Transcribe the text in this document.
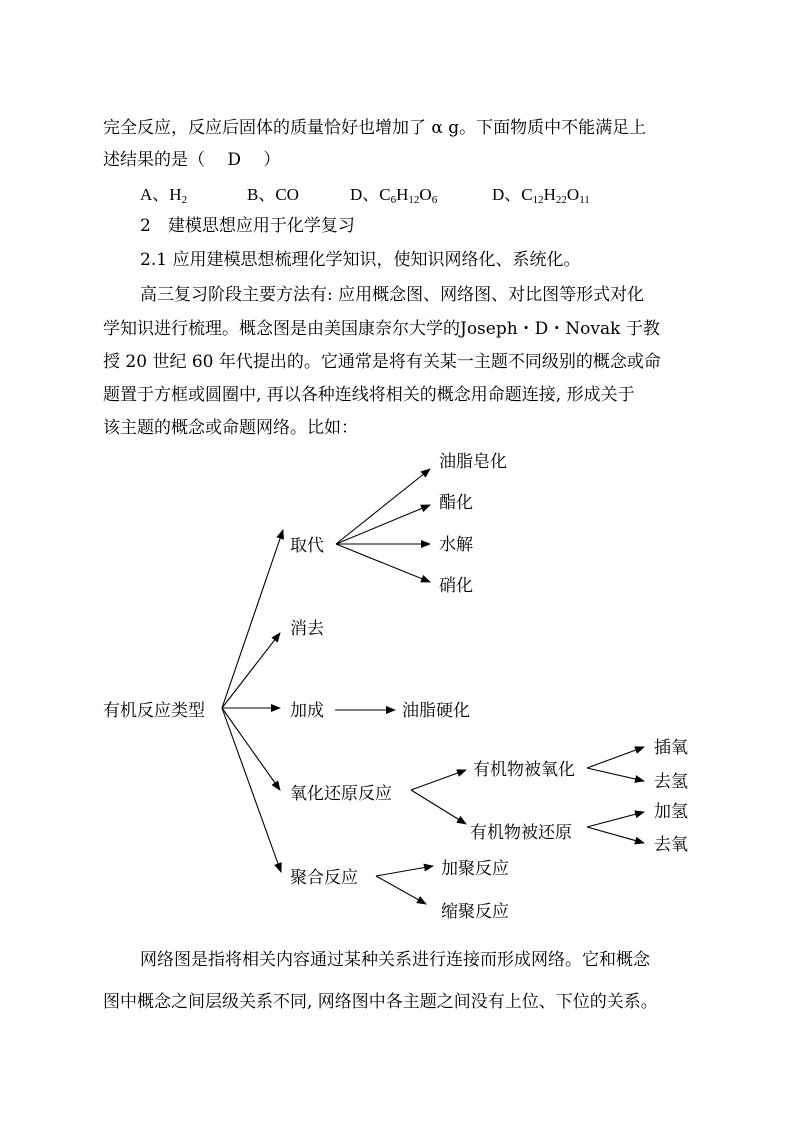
完全反应，反应后固体的质量恰好也增加了 α g。下面物质中不能满足上
述结果的是（　 D 　）
A、$H_2$	B、CO	D、$C_6H_{12}O_6$	D、$C_{12}H_{22}O_{11}$
2　建模思想应用于化学复习
2.1 应用建模思想梳理化学知识，使知识网络化、系统化。
高三复习阶段主要方法有: 应用概念图、网络图、对比图等形式对化
学知识进行梳理。概念图是由美国康奈尔大学的Joseph・D・Novak 于教
授 20 世纪 60 年代提出的。它通常是将有关某一主题不同级别的概念或命
题置于方框或圆圈中, 再以各种连线将相关的概念用命题连接, 形成关于
该主题的概念或命题网络。比如：
有机反应类型
取代
油脂皂化
酯化
水解
硝化
消去
加成	油脂硬化
氧化还原反应
有机物被氧化
插氧
去氢
有机物被还原
加氢
去氧
聚合反应	加聚反应
缩聚反应
网络图是指将相关内容通过某种关系进行连接而形成网络。它和概念
图中概念之间层级关系不同, 网络图中各主题之间没有上位、下位的关系。
